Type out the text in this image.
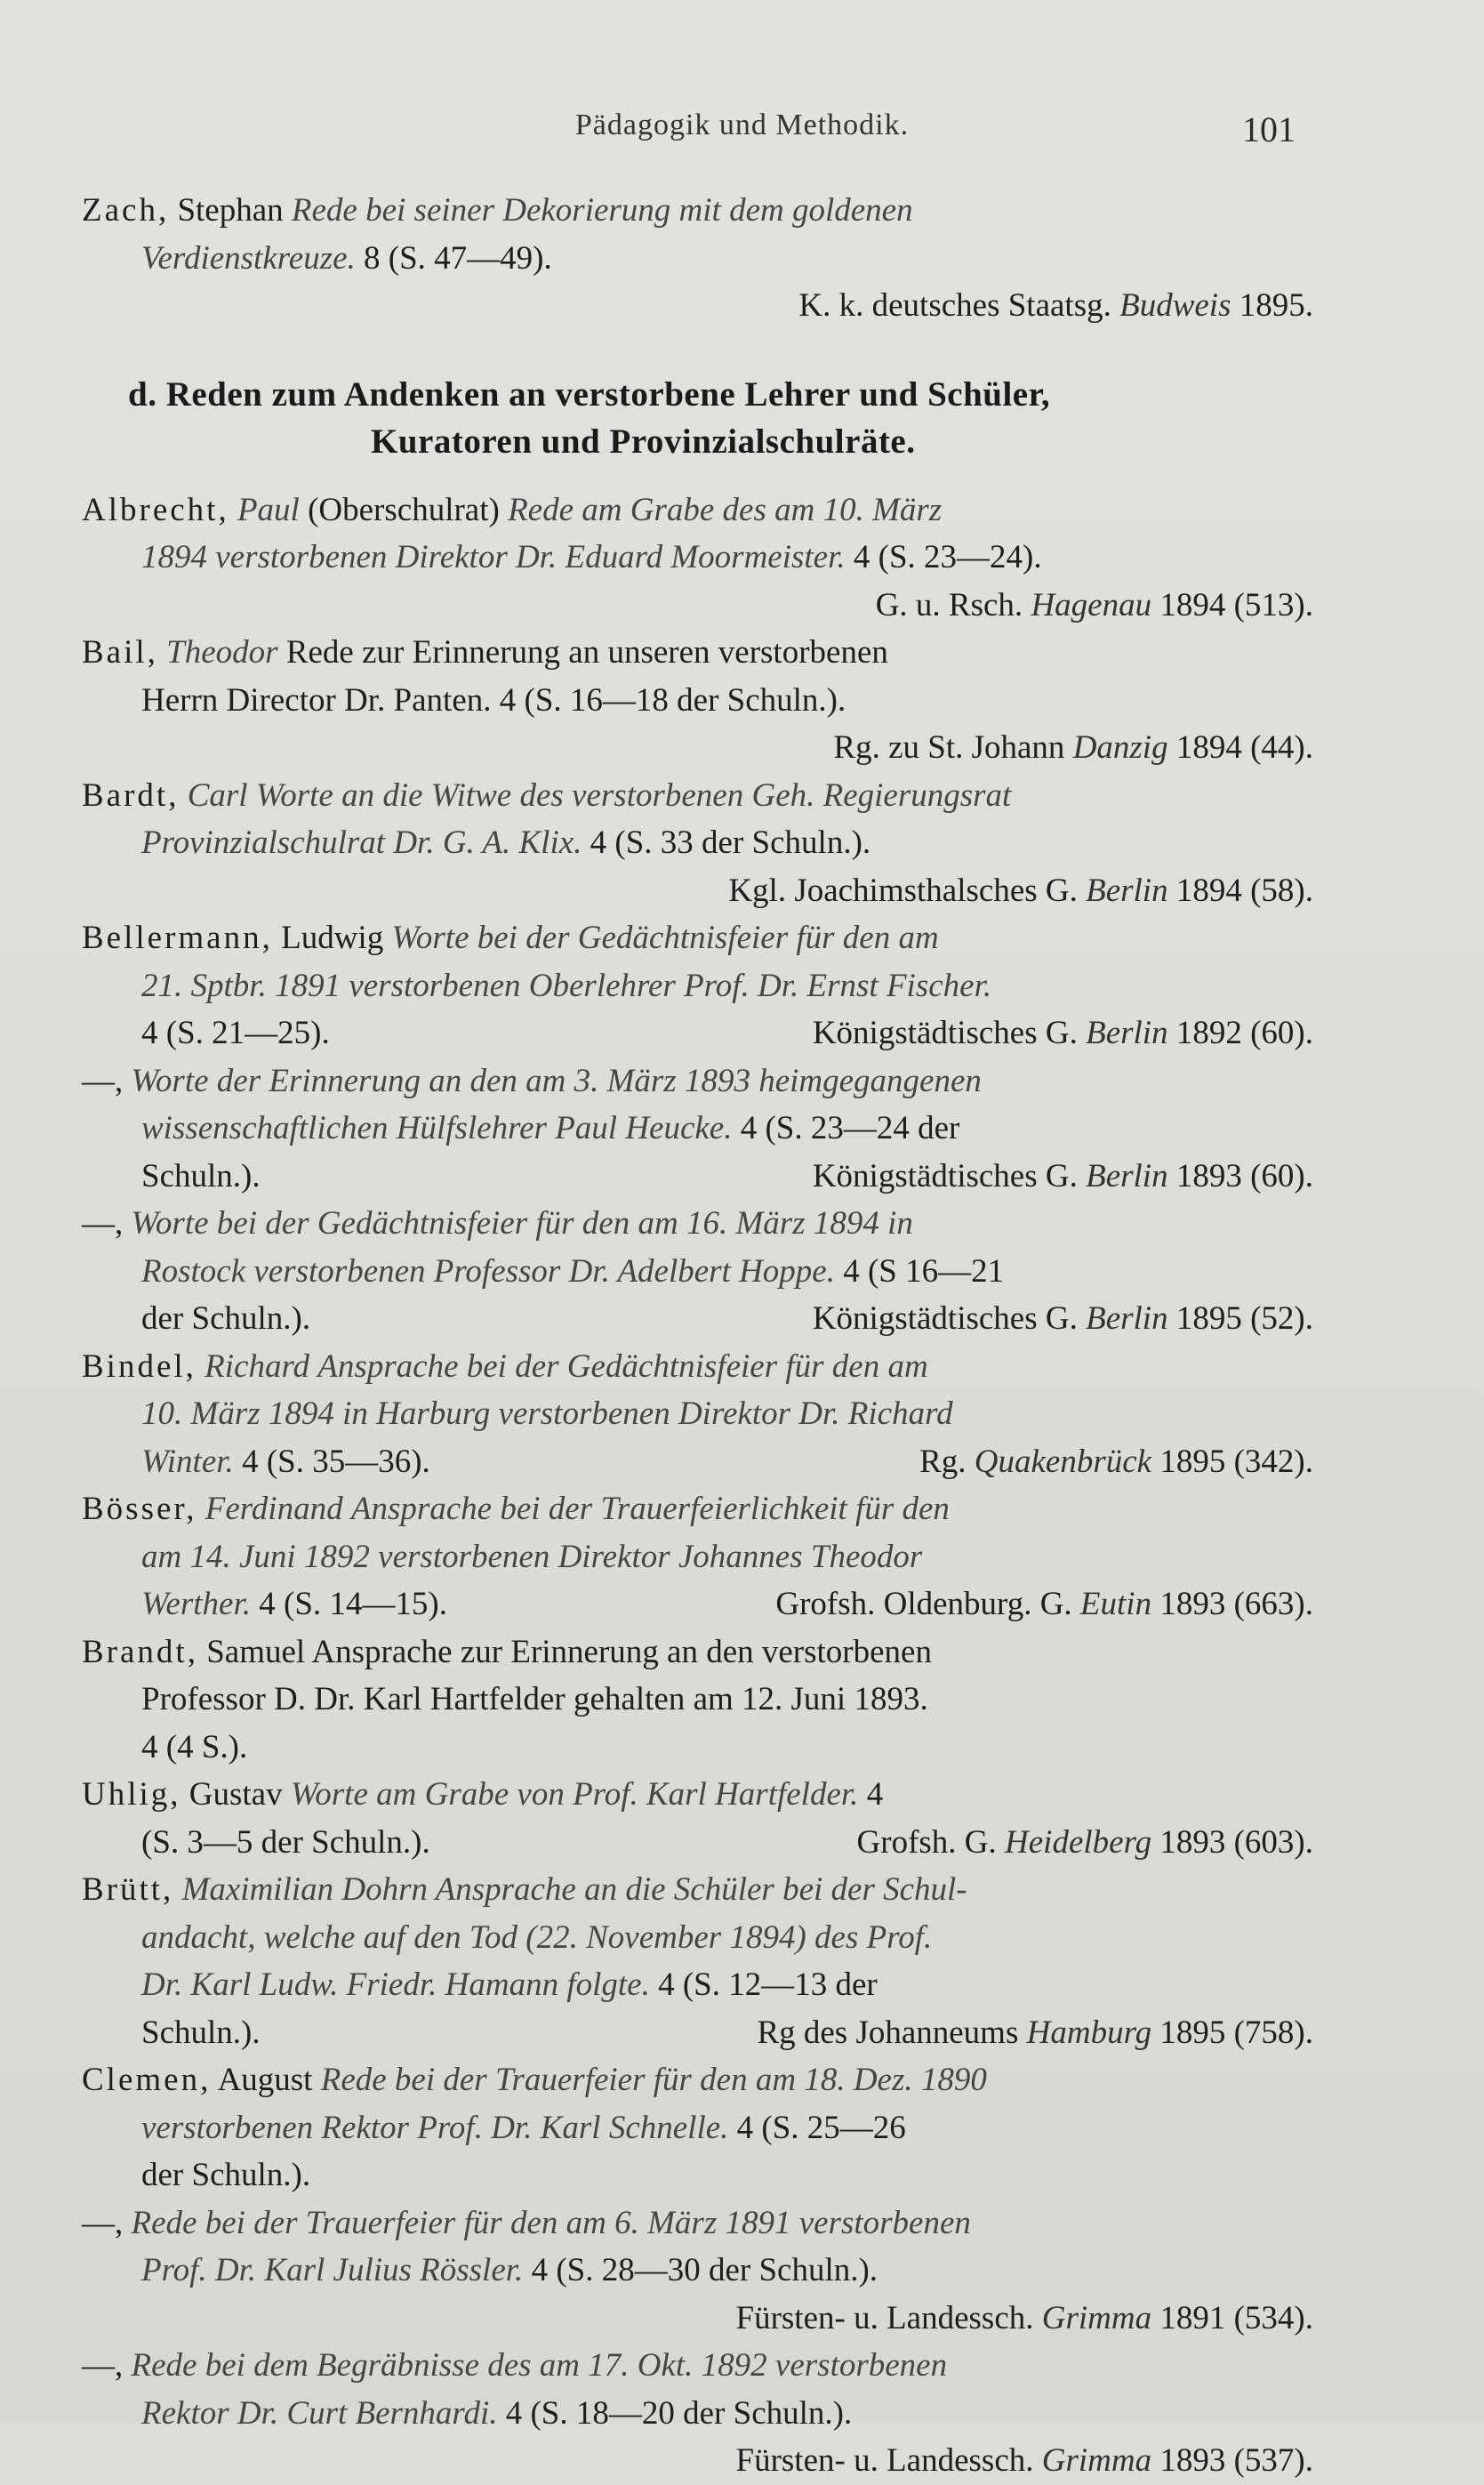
Pädagogik und Methodik.	101
Zach, Stephan Rede bei seiner Dekorierung mit dem goldenen
Verdienstkreuze. 8 (S. 47—49).
K. k. deutsches Staatsg. Budweis 1895.
d. Reden zum Andenken an verstorbene Lehrer und Schüler,
Kuratoren und Provinzialschulräte.
Albrecht, Paul (Oberschulrat) Rede am Grabe des am 10. März
1894 verstorbenen Direktor Dr. Eduard Moormeister. 4 (S. 23—24).
G. u. Rsch. Hagenau 1894 (513).
Bail, Theodor Rede zur Erinnerung an unseren verstorbenen
Herrn Director Dr. Panten. 4 (S. 16—18 der Schuln.).
Rg. zu St. Johann Danzig 1894 (44).
Bardt, Carl Worte an die Witwe des verstorbenen Geh. Regierungsrat
Provinzialschulrat Dr. G. A. Klix. 4 (S. 33 der Schuln.).
Kgl. Joachimsthalsches G. Berlin 1894 (58).
Bellermann, Ludwig Worte bei der Gedächtnisfeier für den am
21. Sptbr. 1891 verstorbenen Oberlehrer Prof. Dr. Ernst Fischer.
4 (S. 21—25).	Königstädtisches G. Berlin 1892 (60).
—, Worte der Erinnerung an den am 3. März 1893 heimgegangenen
wissenschaftlichen Hülfslehrer Paul Heucke. 4 (S. 23—24 der
Schuln.).	Königstädtisches G. Berlin 1893 (60).
—, Worte bei der Gedächtnisfeier für den am 16. März 1894 in
Rostock verstorbenen Professor Dr. Adelbert Hoppe. 4 (S 16—21
der Schuln.).	Königstädtisches G. Berlin 1895 (52).
Bindel, Richard Ansprache bei der Gedächtnisfeier für den am
10. März 1894 in Harburg verstorbenen Direktor Dr. Richard
Winter. 4 (S. 35—36).	Rg. Quakenbrück 1895 (342).
Bösser, Ferdinand Ansprache bei der Trauerfeierlichkeit für den
am 14. Juni 1892 verstorbenen Direktor Johannes Theodor
Werther. 4 (S. 14—15).	Grofsh. Oldenburg. G. Eutin 1893 (663).
Brandt, Samuel Ansprache zur Erinnerung an den verstorbenen
Professor D. Dr. Karl Hartfelder gehalten am 12. Juni 1893.
4 (4 S.).
Uhlig, Gustav Worte am Grabe von Prof. Karl Hartfelder. 4
(S. 3—5 der Schuln.).	Grofsh. G. Heidelberg 1893 (603).
Brütt, Maximilian Dohrn Ansprache an die Schüler bei der Schul-
andacht, welche auf den Tod (22. November 1894) des Prof.
Dr. Karl Ludw. Friedr. Hamann folgte. 4 (S. 12—13 der
Schuln.).	Rg des Johanneums Hamburg 1895 (758).
Clemen, August Rede bei der Trauerfeier für den am 18. Dez. 1890
verstorbenen Rektor Prof. Dr. Karl Schnelle. 4 (S. 25—26
der Schuln.).
—, Rede bei der Trauerfeier für den am 6. März 1891 verstorbenen
Prof. Dr. Karl Julius Rössler. 4 (S. 28—30 der Schuln.).
Fürsten- u. Landessch. Grimma 1891 (534).
—, Rede bei dem Begräbnisse des am 17. Okt. 1892 verstorbenen
Rektor Dr. Curt Bernhardi. 4 (S. 18—20 der Schuln.).
Fürsten- u. Landessch. Grimma 1893 (537).
